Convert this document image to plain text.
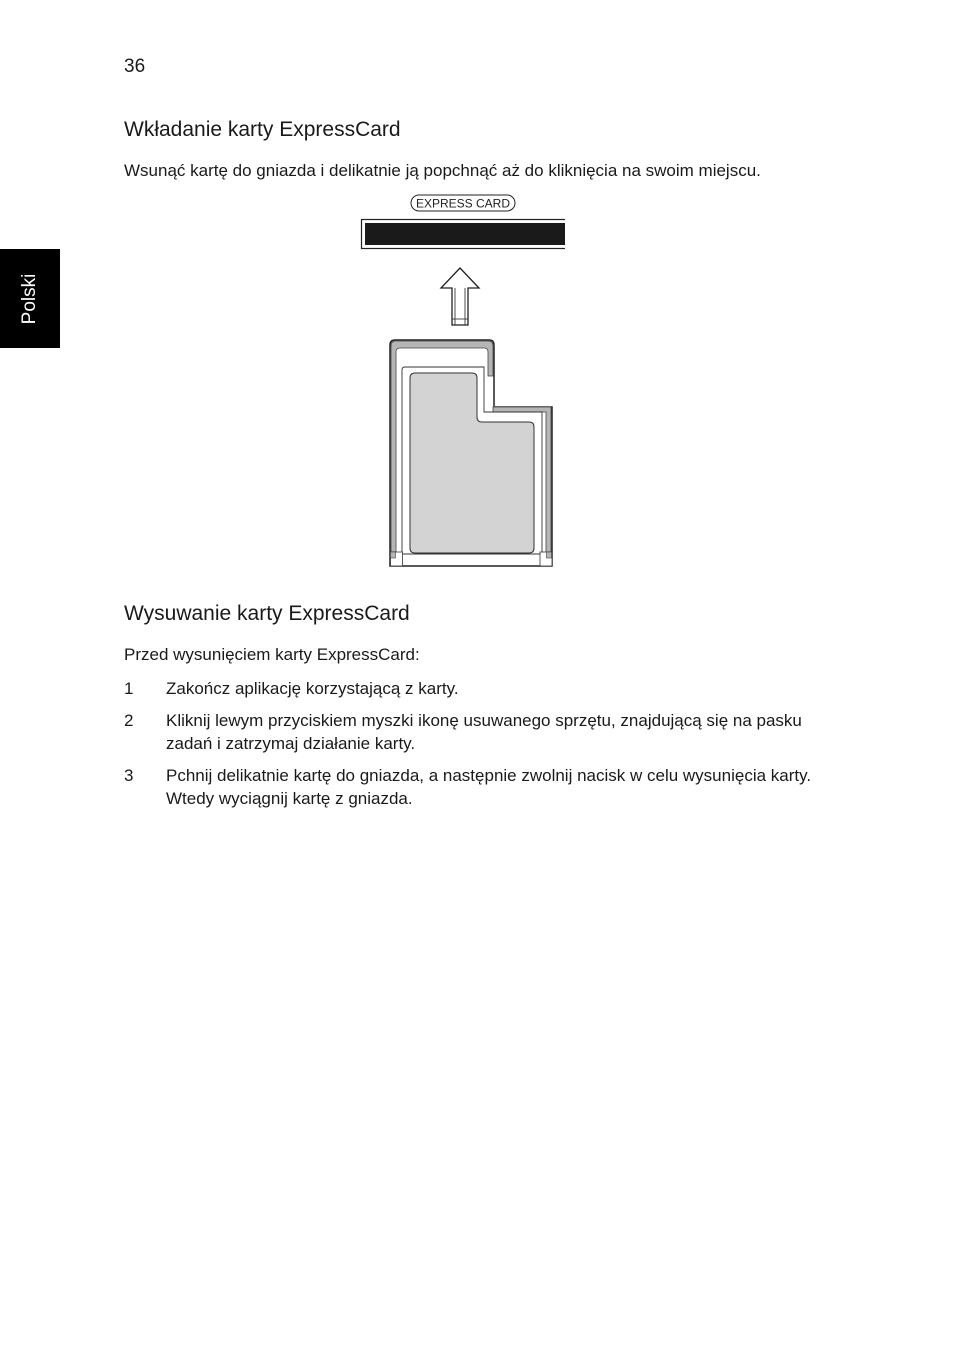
36
Polski
Wkładanie karty ExpressCard
Wsunąć kartę do gniazda i delikatnie ją popchnąć aż do kliknięcia na swoim miejscu.
EXPRESS CARD
Wysuwanie karty ExpressCard
Przed wysunięciem karty ExpressCard:
1 Zakończ aplikację korzystającą z karty.
2 Kliknij lewym przyciskiem myszki ikonę usuwanego sprzętu, znajdującą się na pasku zadań i zatrzymaj działanie karty.
3 Pchnij delikatnie kartę do gniazda, a następnie zwolnij nacisk w celu wysunięcia karty. Wtedy wyciągnij kartę z gniazda.
